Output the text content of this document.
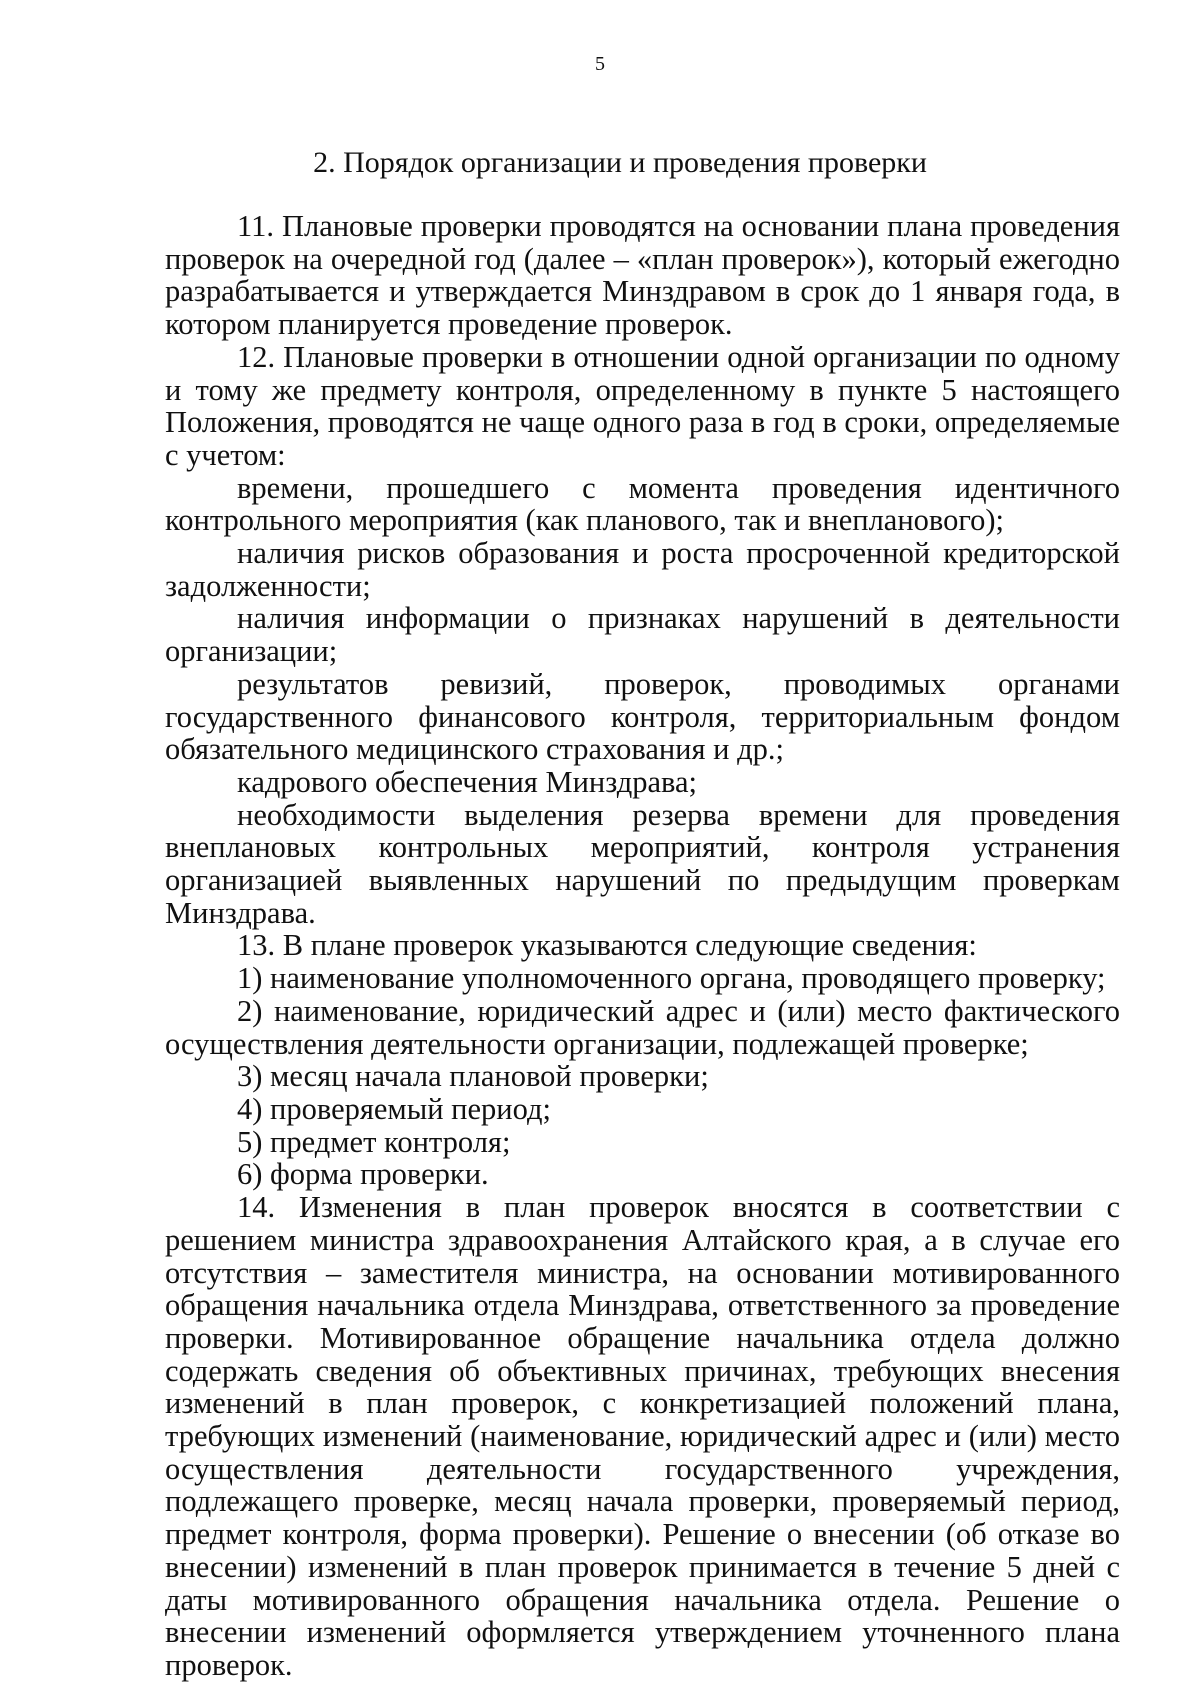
5
2. Порядок организации и проведения проверки

11. Плановые проверки проводятся на основании плана проведения проверок на очередной год (далее – «план проверок»), который ежегодно разрабатывается и утверждается Минздравом в срок до 1 января года, в котором планируется проведение проверок.

12. Плановые проверки в отношении одной организации по одному и тому же предмету контроля, определенному в пункте 5 настоящего Положения, проводятся не чаще одного раза в год в сроки, определяемые с учетом:

времени, прошедшего с момента проведения идентичного контрольного мероприятия (как планового, так и внепланового);

наличия рисков образования и роста просроченной кредиторской задолженности;

наличия информации о признаках нарушений в деятельности организации;

результатов ревизий, проверок, проводимых органами государственного финансового контроля, территориальным фондом обязательного медицинского страхования и др.;

кадрового обеспечения Минздрава;

необходимости выделения резерва времени для проведения внеплановых контрольных мероприятий, контроля устранения организацией выявленных нарушений по предыдущим проверкам Минздрава.

13. В плане проверок указываются следующие сведения:

1) наименование уполномоченного органа, проводящего проверку;

2) наименование, юридический адрес и (или) место фактического осуществления деятельности организации, подлежащей проверке;

3) месяц начала плановой проверки;

4) проверяемый период;

5) предмет контроля;

6) форма проверки.

14. Изменения в план проверок вносятся в соответствии с решением министра здравоохранения Алтайского края, а в случае его отсутствия – заместителя министра, на основании мотивированного обращения начальника отдела Минздрава, ответственного за проведение проверки. Мотивированное обращение начальника отдела должно содержать сведения об объективных причинах, требующих внесения изменений в план проверок, с конкретизацией положений плана, требующих изменений (наименование, юридический адрес и (или) место осуществления деятельности государственного учреждения, подлежащего проверке, месяц начала проверки, проверяемый период, предмет контроля, форма проверки). Решение о внесении (об отказе во внесении) изменений в план проверок принимается в течение 5 дней с даты мотивированного обращения начальника отдела. Решение о внесении изменений оформляется утверждением уточненного плана проверок.
